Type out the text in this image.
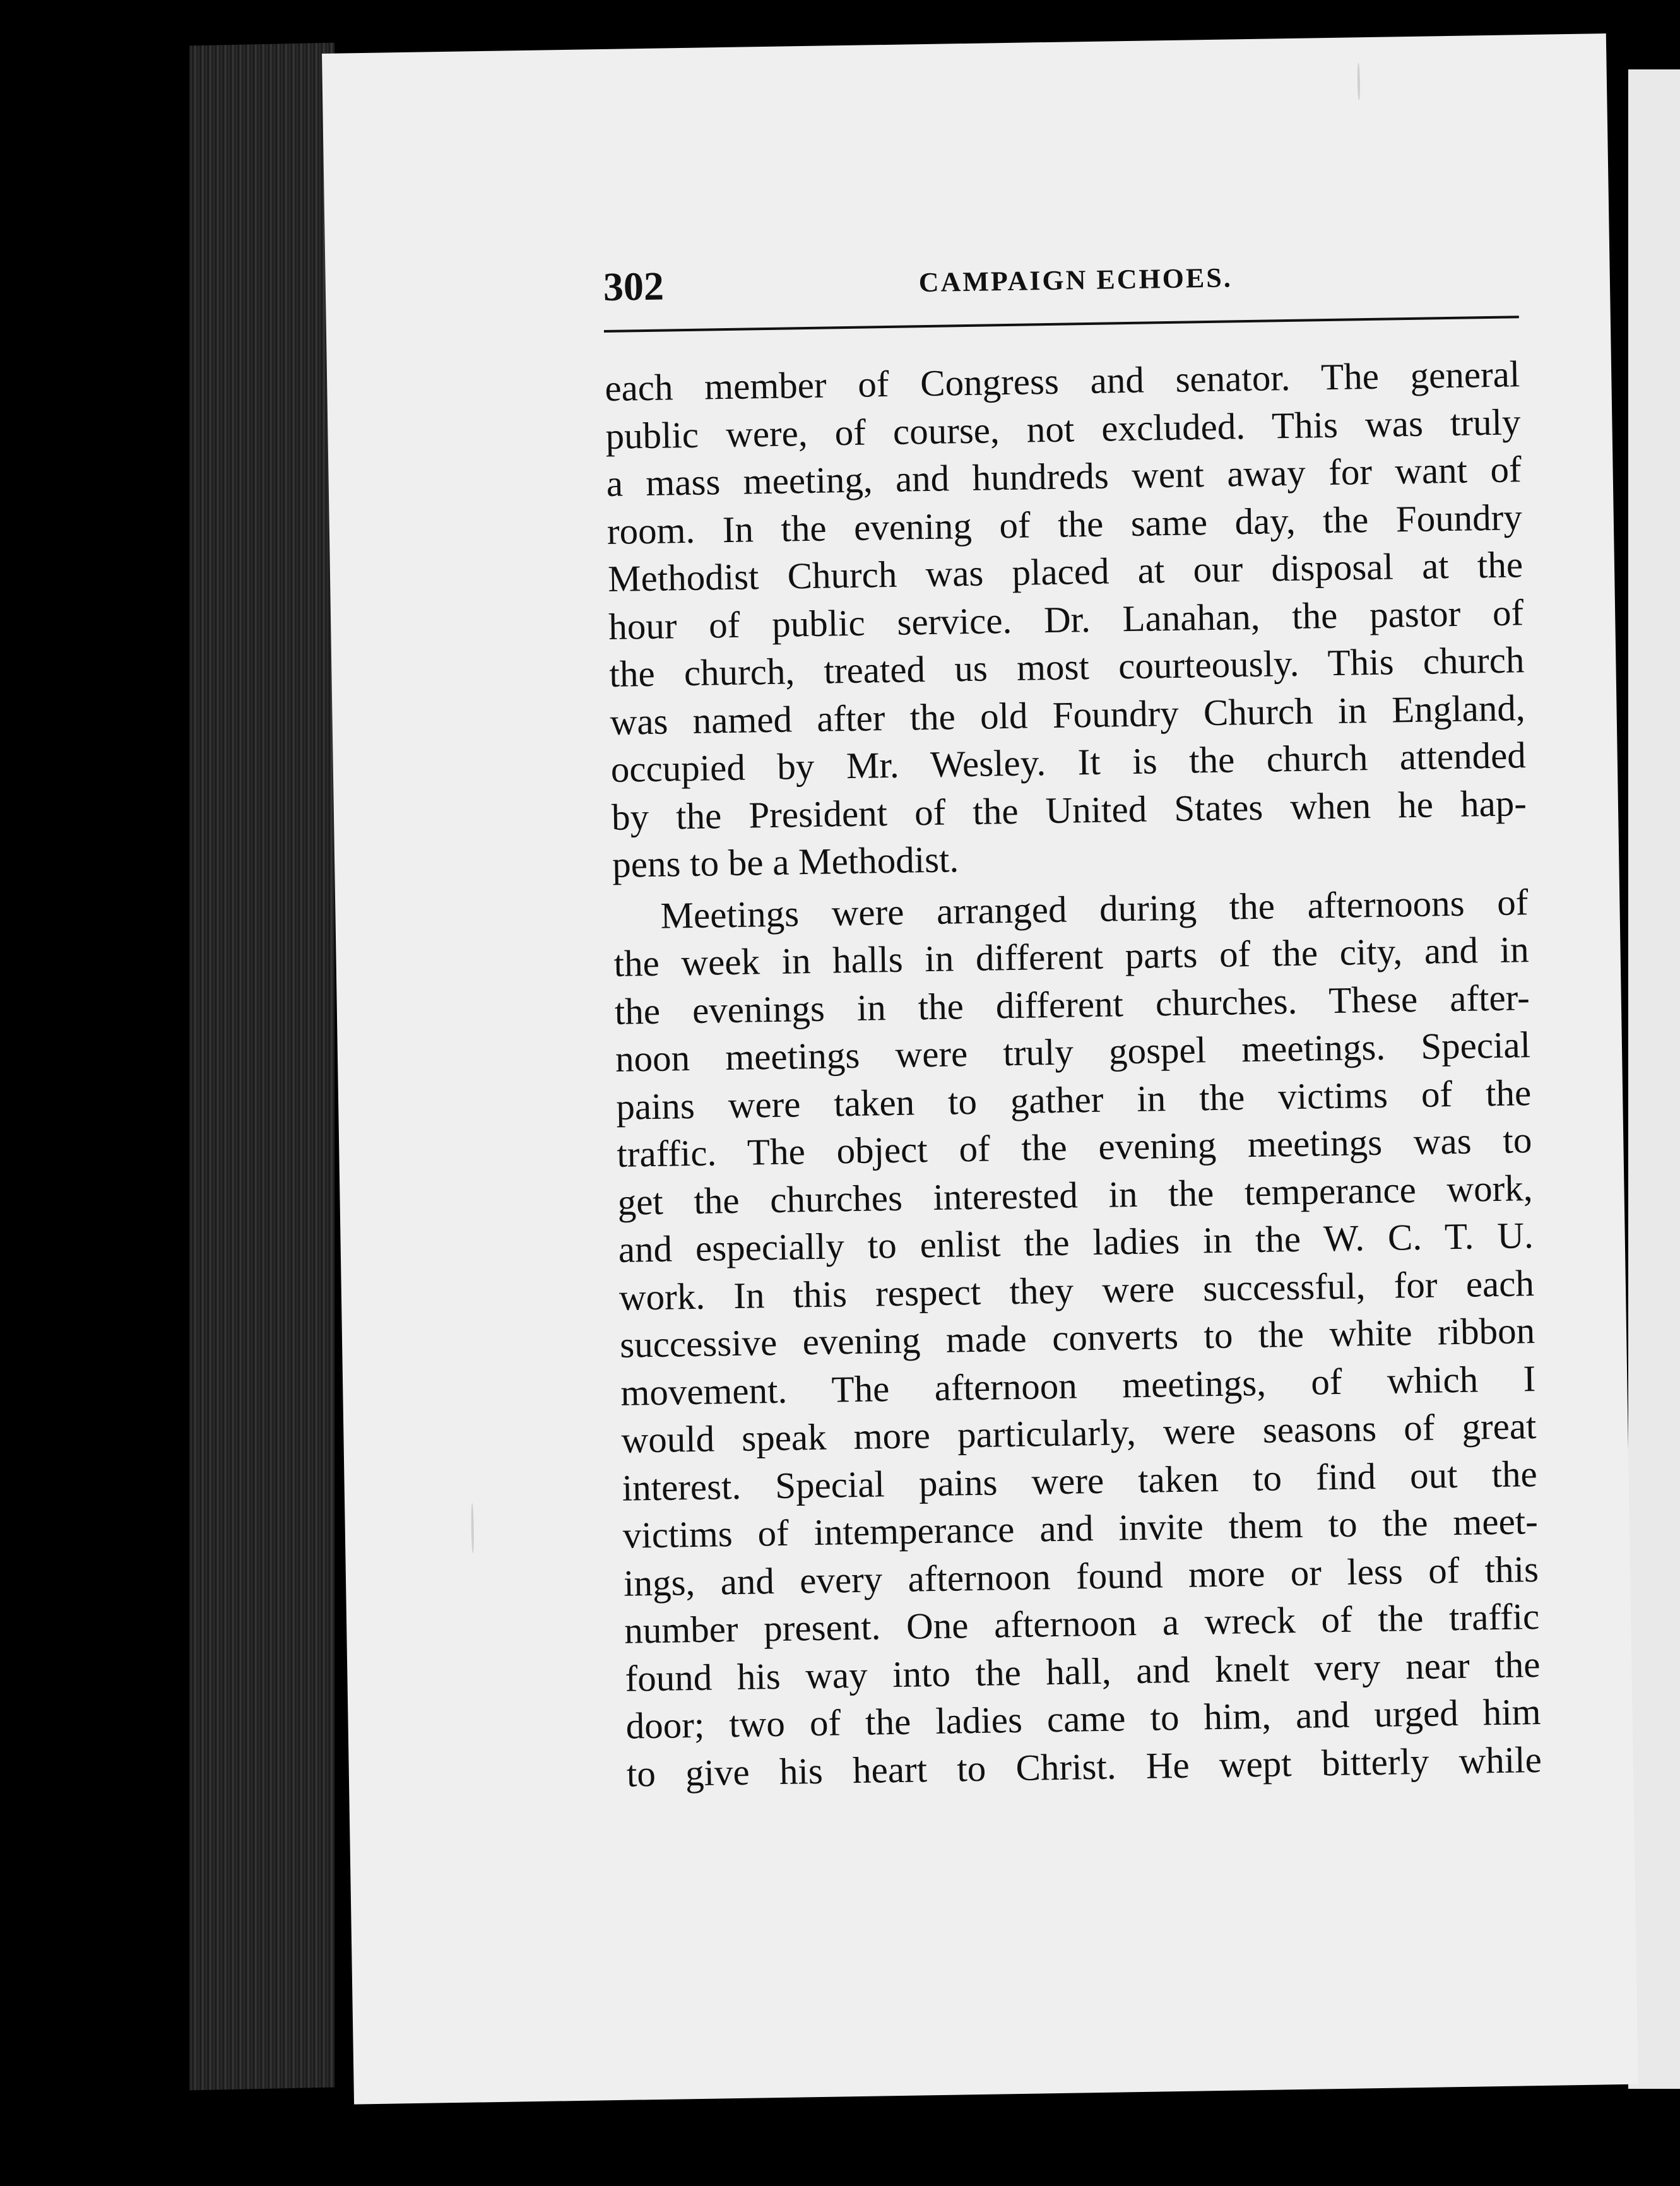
302	CAMPAIGN ECHOES.
each member of Congress and senator. The general
public were, of course, not excluded. This was truly
a mass meeting, and hundreds went away for want of
room. In the evening of the same day, the Foundry
Methodist Church was placed at our disposal at the
hour of public service. Dr. Lanahan, the pastor of
the church, treated us most courteously. This church
was named after the old Foundry Church in England,
occupied by Mr. Wesley. It is the church attended
by the President of the United States when he hap-
pens to be a Methodist.
Meetings were arranged during the afternoons of
the week in halls in different parts of the city, and in
the evenings in the different churches. These after-
noon meetings were truly gospel meetings. Special
pains were taken to gather in the victims of the
traffic. The object of the evening meetings was to
get the churches interested in the temperance work,
and especially to enlist the ladies in the W. C. T. U.
work. In this respect they were successful, for each
successive evening made converts to the white ribbon
movement. The afternoon meetings, of which I
would speak more particularly, were seasons of great
interest. Special pains were taken to find out the
victims of intemperance and invite them to the meet-
ings, and every afternoon found more or less of this
number present. One afternoon a wreck of the traffic
found his way into the hall, and knelt very near the
door; two of the ladies came to him, and urged him
to give his heart to Christ. He wept bitterly while
